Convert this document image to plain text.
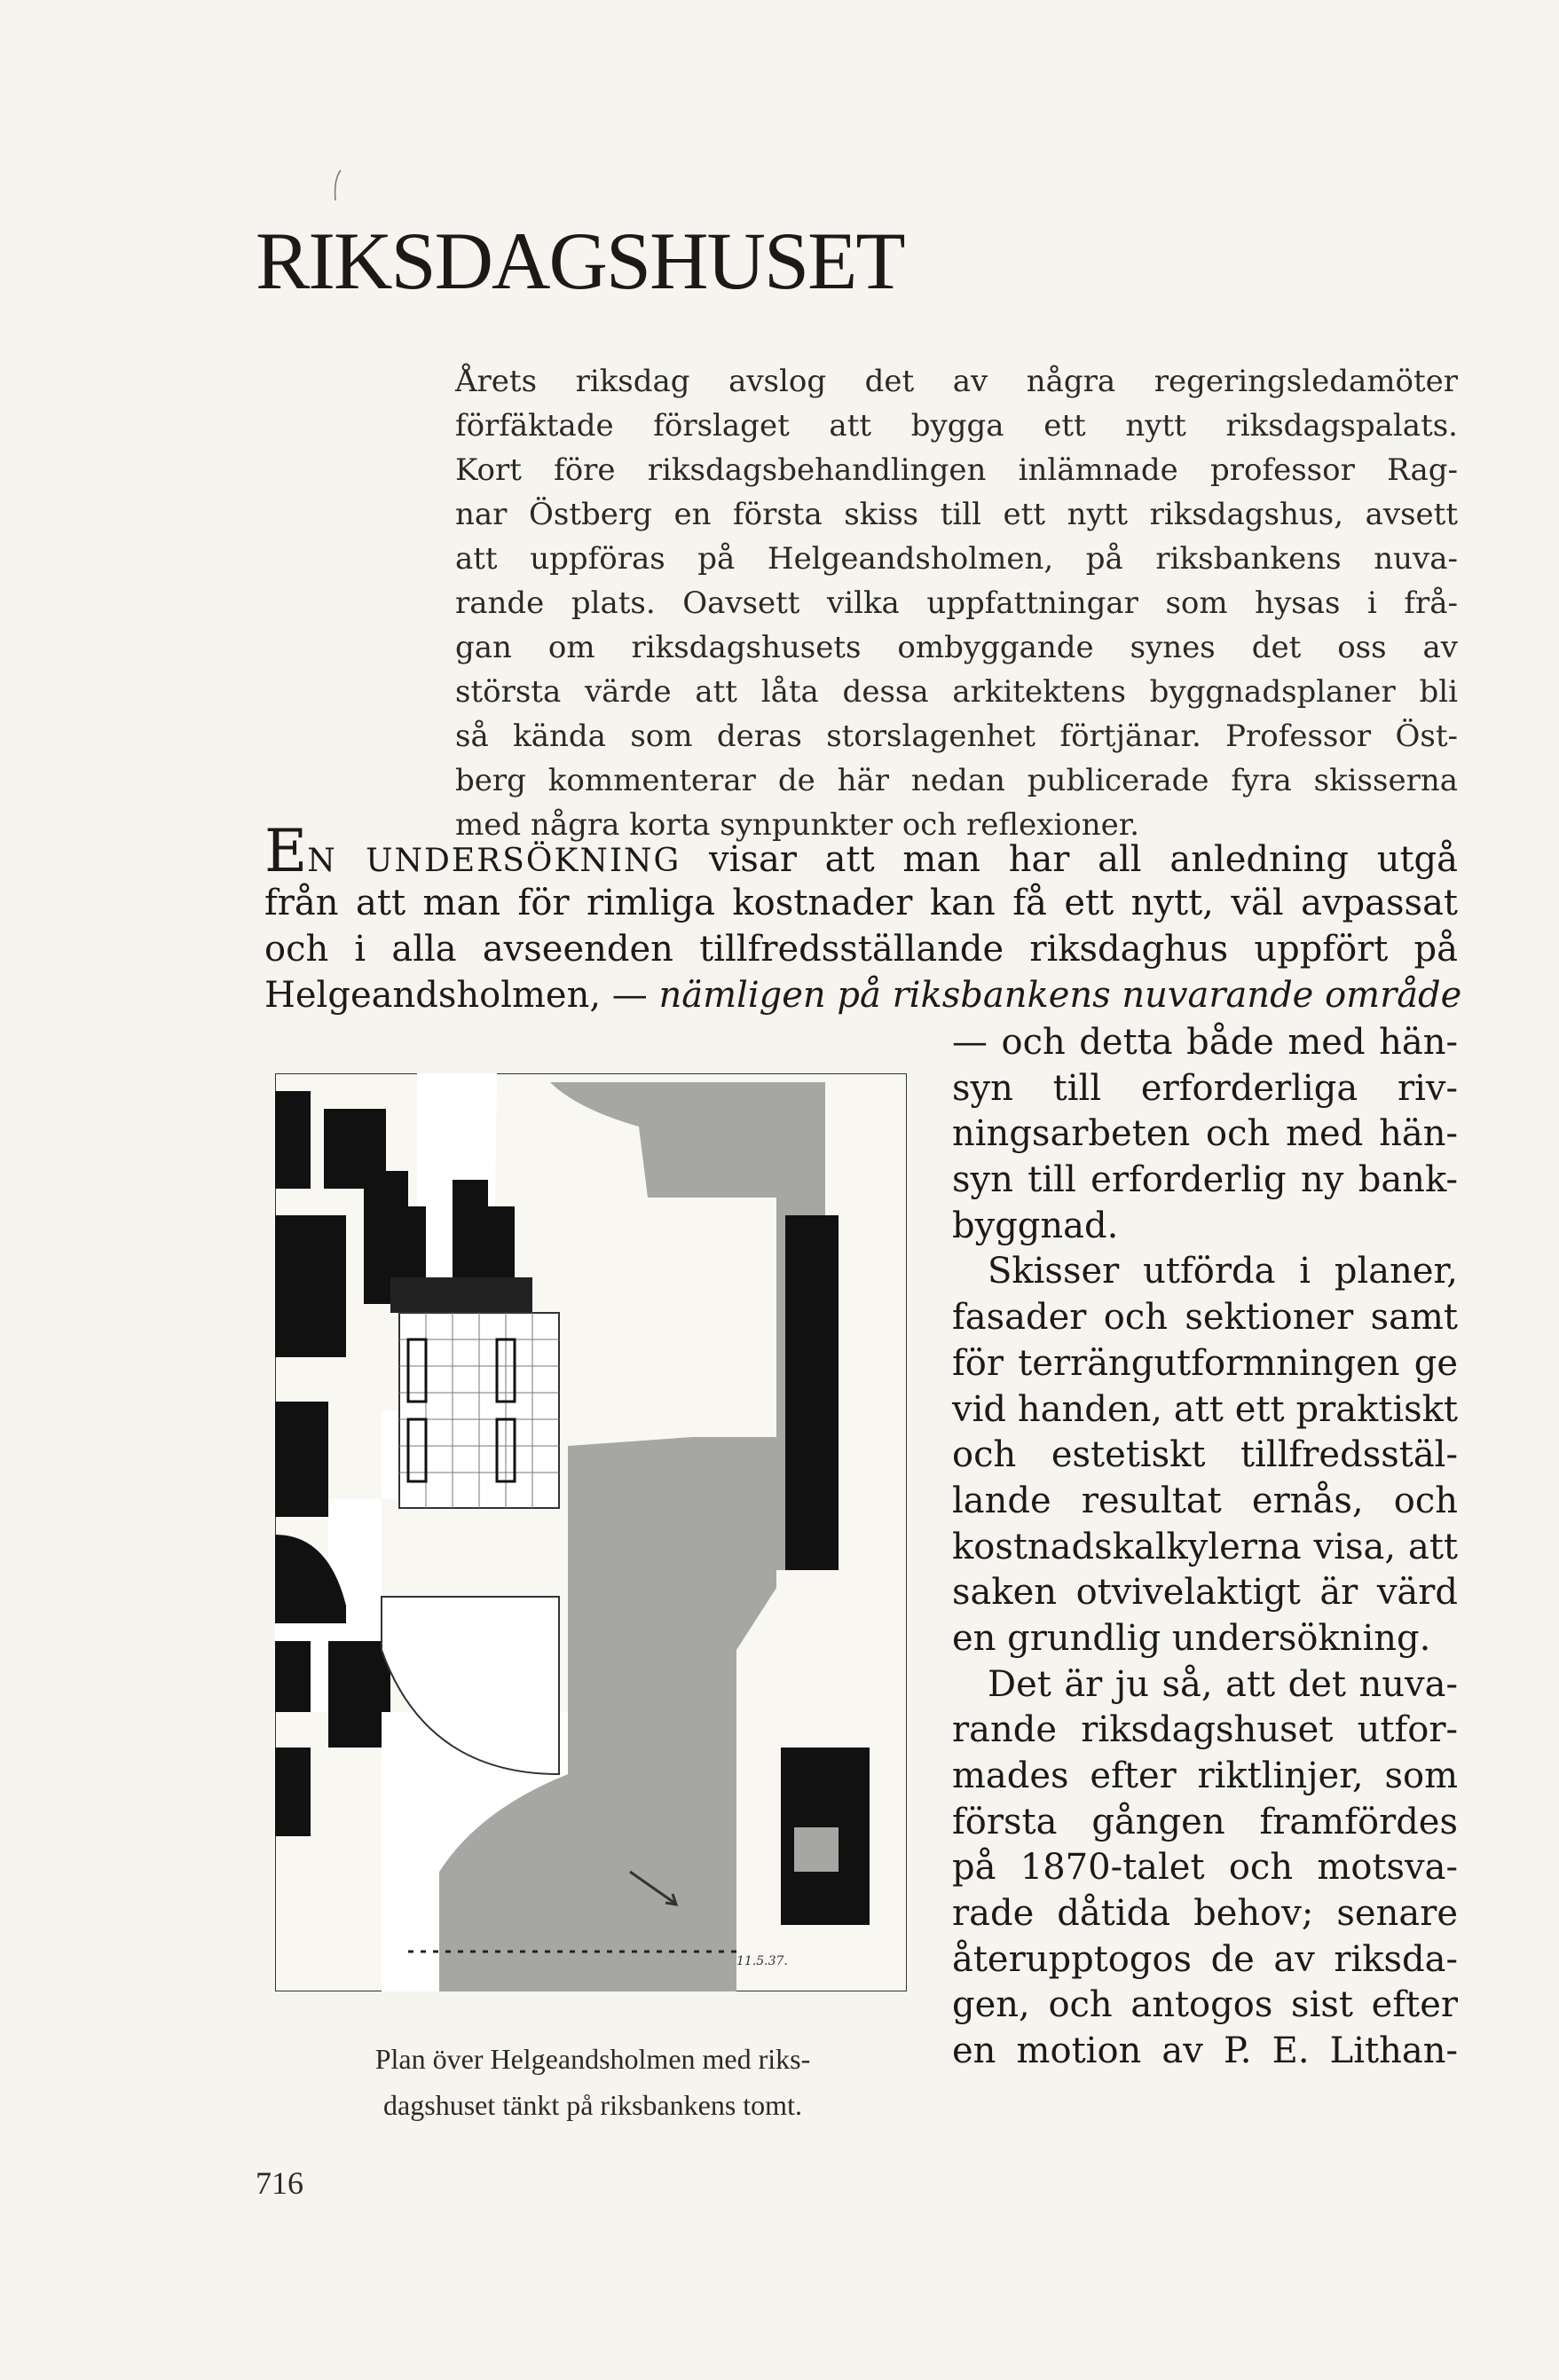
RIKSDAGSHUSET
Årets riksdag avslog det av några regeringsledamöter
förfäktade förslaget att bygga ett nytt riksdagspalats.
Kort före riksdagsbehandlingen inlämnade professor Rag-
nar Östberg en första skiss till ett nytt riksdagshus, avsett
att uppföras på Helgeandsholmen, på riksbankens nuva-
rande plats. Oavsett vilka uppfattningar som hysas i frå-
gan om riksdagshusets ombyggande synes det oss av
största värde att låta dessa arkitektens byggnadsplaner bli
så kända som deras storslagenhet förtjänar. Professor Öst-
berg kommenterar de här nedan publicerade fyra skisserna
med några korta synpunkter och reflexioner.
EN UNDERSÖKNING visar att man har all anledning utgå
från att man för rimliga kostnader kan få ett nytt, väl avpassat
och i alla avseenden tillfredsställande riksdaghus uppfört på
Helgeandsholmen, — nämligen på riksbankens nuvarande område
— och detta både med hän-
syn till erforderliga riv-
ningsarbeten och med hän-
syn till erforderlig ny bank-
byggnad.
Skisser utförda i planer,
fasader och sektioner samt
för terrängutformningen ge
vid handen, att ett praktiskt
och estetiskt tillfredsstäl-
lande resultat ernås, och
kostnadskalkylerna visa, att
saken otvivelaktigt är värd
en grundlig undersökning.
Det är ju så, att det nuva-
rande riksdagshuset utfor-
mades efter riktlinjer, som
första gången framfördes
på 1870-talet och motsva-
rade dåtida behov; senare
återupptogos de av riksda-
gen, och antogos sist efter
en motion av P. E. Lithan-
11.5.37.
Plan över Helgeandsholmen med riks-
dagshuset tänkt på riksbankens tomt.
716
